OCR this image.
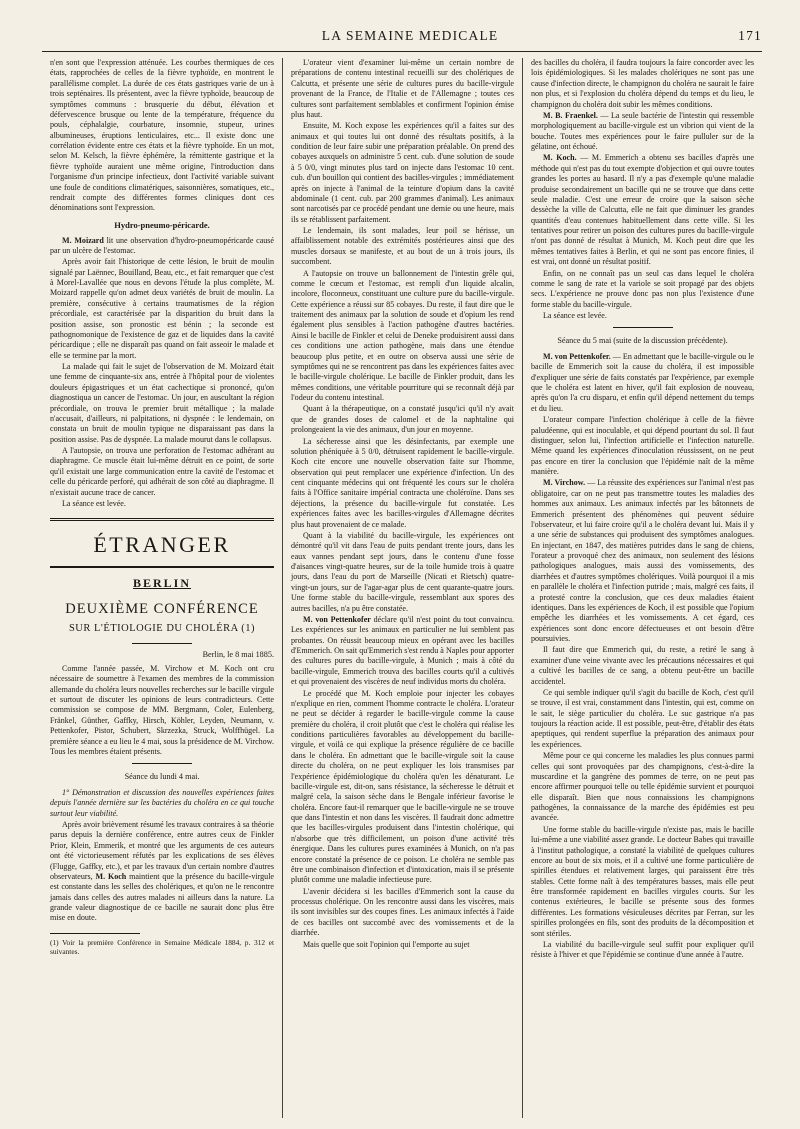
LA SEMAINE MEDICALE	171

n'en sont que l'expression atténuée. Les courbes thermiques de ces états, rapprochées de celles de la fièvre typhoïde, en montrent le parallélisme complet. La durée de ces états gastriques varie de un à trois septénaires. Ils présentent, avec la fièvre typhoïde, beaucoup de symptômes communs : brusquerie du début, élévation et défervescence brusque ou lente de la température, fréquence du pouls, céphalalgie, courbature, insomnie, stupeur, urines albumineuses, éruptions lenticulaires, etc... Il existe donc une corrélation évidente entre ces états et la fièvre typhoïde. En un mot, selon M. Kelsch, la fièvre éphémère, la rémittente gastrique et la fièvre typhoïde auraient une même origine, l'introduction dans l'organisme d'un principe infectieux, dont l'activité variable suivant une foule de conditions climatériques, saisonnières, somatiques, etc., rendrait compte des différentes formes cliniques dont ces dénominations sont l'expression.

Hydro-pneumo-péricarde.

M. Moizard lit une observation d'hydro-pneumopéricarde causé par un ulcère de l'estomac.

Après avoir fait l'historique de cette lésion, le bruit de moulin signalé par Laënnec, Bouilland, Beau, etc., et fait remarquer que c'est à Morel-Lavallée que nous en devons l'étude la plus complète, M. Moizard rappelle qu'on admet deux variétés de bruit de moulin. La première, consécutive à certains traumatismes de la région précordiale, est caractérisée par la disparition du bruit dans la position assise, son pronostic est bénin ; la seconde est pathognomonique de l'existence de gaz et de liquides dans la cavité péricardique ; elle ne disparaît pas quand on fait asseoir le malade et elle se termine par la mort.

La malade qui fait le sujet de l'observation de M. Moizard était une femme de cinquante-six ans, entrée à l'hôpital pour de violentes douleurs épigastriques et un état cachectique si prononcé, qu'on diagnostiqua un cancer de l'estomac. Un jour, en auscultant la région précordiale, on trouva le premier bruit métallique ; la malade n'accusait, d'ailleurs, ni palpitations, ni dyspnée : le lendemain, on constata un bruit de moulin typique ne disparaissant pas dans la position assise. Pas de dyspnée. La malade mourut dans le collapsus.

A l'autopsie, on trouva une perforation de l'estomac adhérant au diaphragme. Ce muscle était lui-même détruit en ce point, de sorte qu'il existait une large communication entre la cavité de l'estomac et celle du péricarde perforé, qui adhérait de son côté au diaphragme. Il n'existait aucune trace de cancer.

La séance est levée.

ÉTRANGER
BERLIN
DEUXIÈME CONFÉRENCE
SUR L'ÉTIOLOGIE DU CHOLÉRA (1)
Berlin, le 8 mai 1885.

Comme l'année passée, M. Virchow et M. Koch ont cru nécessaire de soumettre à l'examen des membres de la commission allemande du choléra leurs nouvelles recherches sur le bacille virgule et surtout de discuter les opinions de leurs contradicteurs. Cette commission se compose de MM. Bergmann, Coler, Eulenberg, Fränkel, Günther, Gaffky, Hirsch, Köhler, Leyden, Neumann, v. Pettenkofer, Pistor, Schubert, Skrzezka, Struck, Wolffhügel. La première séance a eu lieu le 4 mai, sous la présidence de M. Virchow. Tous les membres étaient présents.

Séance du lundi 4 mai.

1° Démonstration et discussion des nouvelles expériences faites depuis l'année dernière sur les bactéries du choléra en ce qui touche surtout leur viabilité.

Après avoir brièvement résumé les travaux contraires à sa théorie parus depuis la dernière conférence, entre autres ceux de Finkler Prior, Klein, Emmerik, et montré que les arguments de ces auteurs ont été victorieusement réfutés par les explications de ses élèves (Flugge, Gaffky, etc.), et par les travaux d'un certain nombre d'autres observateurs, M. Koch maintient que la présence du bacille-virgule est constante dans les selles des cholériques, et qu'on ne le rencontre jamais dans celles des autres malades ni ailleurs dans la nature. La grande valeur diagnostique de ce bacille ne saurait donc plus être mise en doute.

(1) Voir la première Conférence in Semaine Médicale 1884, p. 312 et suivantes.

L'orateur vient d'examiner lui-même un certain nombre de préparations de contenu intestinal recueilli sur des cholériques de Calcutta, et présente une série de cultures pures du bacille-virgule provenant de la France, de l'Italie et de l'Allemagne ; toutes ces cultures sont parfaitement semblables et confirment l'opinion émise plus haut.

Ensuite, M. Koch expose les expériences qu'il a faites sur des animaux et qui toutes lui ont donné des résultats positifs, à la condition de leur faire subir une préparation préalable. On prend des cobayes auxquels on administre 5 cent. cub. d'une solution de soude à 5 0/0, vingt minutes plus tard on injecte dans l'estomac 10 cent. cub. d'un bouillon qui contient des bacilles-virgules ; immédiatement après on injecte à l'animal de la teinture d'opium dans la cavité abdominale (1 cent. cub. par 200 grammes d'animal). Les animaux sont narcotisés par ce procédé pendant une demie ou une heure, mais ils se rétablissent parfaitement.

Le lendemain, ils sont malades, leur poil se hérisse, un affaiblissement notable des extrémités postérieures ainsi que des muscles dorsaux se manifeste, et au bout de un à trois jours, ils succombent.

A l'autopsie on trouve un ballonnement de l'intestin grêle qui, comme le cœcum et l'estomac, est rempli d'un liquide alcalin, incolore, floconneux, constituant une culture pure du bacille-virgule. Cette expérience a réussi sur 85 cobayes. Du reste, il faut dire que le traitement des animaux par la solution de soude et d'opium les rend également plus sensibles à l'action pathogène d'autres bactéries. Ainsi le bacille de Finkler et celui de Deneke produisirent aussi dans ces conditions une action pathogène, mais dans une étendue beaucoup plus petite, et en outre on observa aussi une série de symptômes qui ne se rencontrent pas dans les expériences faites avec le bacille-virgule cholérique. Le bacille de Finkler produit, dans les mêmes conditions, une véritable pourriture qui se reconnaît déjà par l'odeur du contenu intestinal.

Quant à la thérapeutique, on a constaté jusqu'ici qu'il n'y avait que de grandes doses de calomel et de la naphtaline qui prolongeaient la vie des animaux, d'un jour en moyenne.

La sécheresse ainsi que les désinfectants, par exemple une solution phéniquée à 5 0/0, détruisent rapidement le bacille-virgule. Koch cite encore une nouvelle observation faite sur l'homme, observation qui peut remplacer une expérience d'infection. Un des cent cinquante médecins qui ont fréquenté les cours sur le choléra faits à l'Office sanitaire impérial contracta une choléroïne. Dans ses déjections, la présence du bacille-virgule fut constatée. Les expériences faites avec les bacilles-virgules d'Allemagne décrites plus haut provenaient de ce malade.

Quant à la viabilité du bacille-virgule, les expériences ont démontré qu'il vit dans l'eau de puits pendant trente jours, dans les eaux vannes pendant sept jours, dans le contenu d'une fosse d'aisances vingt-quatre heures, sur de la toile humide trois à quatre jours, dans l'eau du port de Marseille (Nicati et Rietsch) quatre-vingt-un jours, sur de l'agar-agar plus de cent quarante-quatre jours. Une forme stable du bacille-virgule, ressemblant aux spores des autres bacilles, n'a pu être constatée.

M. von Pettenkofer déclare qu'il n'est point du tout convaincu. Les expériences sur les animaux en particulier ne lui semblent pas probantes. On réussit beaucoup mieux en opérant avec les bacilles d'Emmerich. On sait qu'Emmerich s'est rendu à Naples pour apporter des cultures pures du bacille-virgule, à Munich ; mais à côté du bacille-virgule, Emmerich trouva des bacilles courts qu'il a cultivés et qui provenaient des viscères de neuf individus morts du choléra.

Le procédé que M. Koch emploie pour injecter les cobayes n'explique en rien, comment l'homme contracte le choléra. L'orateur ne peut se décider à regarder le bacille-virgule comme la cause première du choléra, il croit plutôt que c'est le choléra qui réalise les conditions particulières favorables au développement du bacille-virgule, et voilà ce qui explique la présence régulière de ce bacille dans le choléra. En admettant que le bacille-virgule soit la cause directe du choléra, on ne peut expliquer les lois transmises par l'expérience épidémiologique du choléra qu'en les dénaturant. Le bacille-virgule est, dit-on, sans résistance, la sécheresse le détruit et malgré cela, la saison sèche dans le Bengale inférieur favorise le choléra. Encore faut-il remarquer que le bacille-virgule ne se trouve que dans l'intestin et non dans les viscères. Il faudrait donc admettre que les bacilles-virgules produisent dans l'intestin cholérique, qui n'absorbe que très difficilement, un poison d'une activité très énergique. Dans les cultures pures examinées à Munich, on n'a pas encore constaté la présence de ce poison. Le choléra ne semble pas être une combinaison d'infection et d'intoxication, mais il se présente plutôt comme une maladie infectieuse pure.

L'avenir décidera si les bacilles d'Emmerich sont la cause du processus cholérique. On les rencontre aussi dans les viscères, mais ils sont invisibles sur des coupes fines. Les animaux infectés à l'aide de ces bacilles ont succombé avec des vomissements et de la diarrhée.

Mais quelle que soit l'opinion qui l'emporte au sujet

des bacilles du choléra, il faudra toujours la faire concorder avec les lois épidémiologiques. Si les malades cholériques ne sont pas une cause d'infection directe, le champignon du choléra ne saurait le faire non plus, et si l'explosion du choléra dépend du temps et du lieu, le champignon du choléra doit subir les mêmes conditions.

M. B. Fraenkel. — La seule bactérie de l'intestin qui ressemble morphologiquement au bacille-virgule est un vibrion qui vient de la bouche. Toutes mes expériences pour le faire pulluler sur de la gélatine, ont échoué.

M. Koch. — M. Emmerich a obtenu ses bacilles d'après une méthode qui n'est pas du tout exempte d'objection et qui ouvre toutes grandes les portes au hasard. Il n'y a pas d'exemple qu'une maladie produise secondairement un bacille qui ne se trouve que dans cette seule maladie. C'est une erreur de croire que la saison sèche dessèche la ville de Calcutta, elle ne fait que diminuer les grandes quantités d'eau contenues habituellement dans cette ville. Si les tentatives pour retirer un poison des cultures pures du bacille-virgule n'ont pas donné de résultat à Munich, M. Koch peut dire que les mêmes tentatives faites à Berlin, et qui ne sont pas encore finies, il est vrai, ont donné un résultat positif.

Enfin, on ne connaît pas un seul cas dans lequel le choléra comme le sang de rate et la variole se soit propagé par des objets secs. L'expérience ne prouve donc pas non plus l'existence d'une forme stable du bacille-virgule.

La séance est levée.

Séance du 5 mai (suite de la discussion précédente).

M. von Pettenkofer. — En admettant que le bacille-virgule ou le bacille de Emmerich soit la cause du choléra, il est impossible d'expliquer une série de faits constatés par l'expérience, par exemple que le choléra est latent en hiver, qu'il fait explosion de nouveau, après qu'on l'a cru disparu, et enfin qu'il dépend nettement du temps et du lieu.

L'orateur compare l'infection cholérique à celle de la fièvre paludéenne, qui est inoculable, et qui dépend pourtant du sol. Il faut distinguer, selon lui, l'infection artificielle et l'infection naturelle. Même quand les expériences d'inoculation réussissent, on ne peut pas encore en tirer la conclusion que l'épidémie naît de la même manière.

M. Virchow. — La réussite des expériences sur l'animal n'est pas obligatoire, car on ne peut pas transmettre toutes les maladies des hommes aux animaux. Les animaux infectés par les bâtonnets de Emmerich présentent des phénomènes qui peuvent séduire l'observateur, et lui faire croire qu'il a le choléra devant lui. Mais il y a une série de substances qui produisent des symptômes analogues. En injectant, en 1847, des matières putrides dans le sang de chiens, l'orateur a provoqué chez des animaux, non seulement des lésions pathologiques analogues, mais aussi des vomissements, des diarrhées et d'autres symptômes cholériques. Voilà pourquoi il a mis en parallèle le choléra et l'infection putride ; mais, malgré ces faits, il a protesté contre la conclusion, que ces deux maladies étaient identiques. Dans les expériences de Koch, il est possible que l'opium empêche les diarrhées et les vomissements. A cet égard, ces expériences sont donc encore défectueuses et ont besoin d'être poursuivies.

Il faut dire que Emmerich qui, du reste, a retiré le sang à examiner d'une veine vivante avec les précautions nécessaires et qui a cultivé les bacilles de ce sang, a obtenu peut-être un bacille accidentel.

Ce qui semble indiquer qu'il s'agit du bacille de Koch, c'est qu'il se trouve, il est vrai, constamment dans l'intestin, qui est, comme on le sait, le siège particulier du choléra. Le suc gastrique n'a pas toujours la réaction acide. Il est possible, peut-être, d'établir des états apeptiques, qui rendent superflue la préparation des animaux pour les expériences.

Même pour ce qui concerne les maladies les plus connues parmi celles qui sont provoquées par des champignons, c'est-à-dire la muscardine et la gangrène des pommes de terre, on ne peut pas encore affirmer pourquoi telle ou telle épidémie survient et pourquoi elle disparaît. Bien que nous connaissions les champignons pathogènes, la connaissance de la marche des épidémies est peu avancée.

Une forme stable du bacille-virgule n'existe pas, mais le bacille lui-même a une viabilité assez grande. Le docteur Babes qui travaille à l'institut pathologique, a constaté la viabilité de quelques cultures encore au bout de six mois, et il a cultivé une forme particulière de spirilles étendues et relativement larges, qui paraissent être très stables. Cette forme naît à des températures basses, mais elle peut être transformée rapidement en bacilles virgules courts. Sur les contenus extérieures, le bacille se présente sous des formes différentes. Les formations vésiculeuses décrites par Ferran, sur les spirilles prolongées en fils, sont des produits de la décomposition et sont stériles.

La viabilité du bacille-virgule seul suffit pour expliquer qu'il résiste à l'hiver et que l'épidémie se continue d'une année à l'autre.
